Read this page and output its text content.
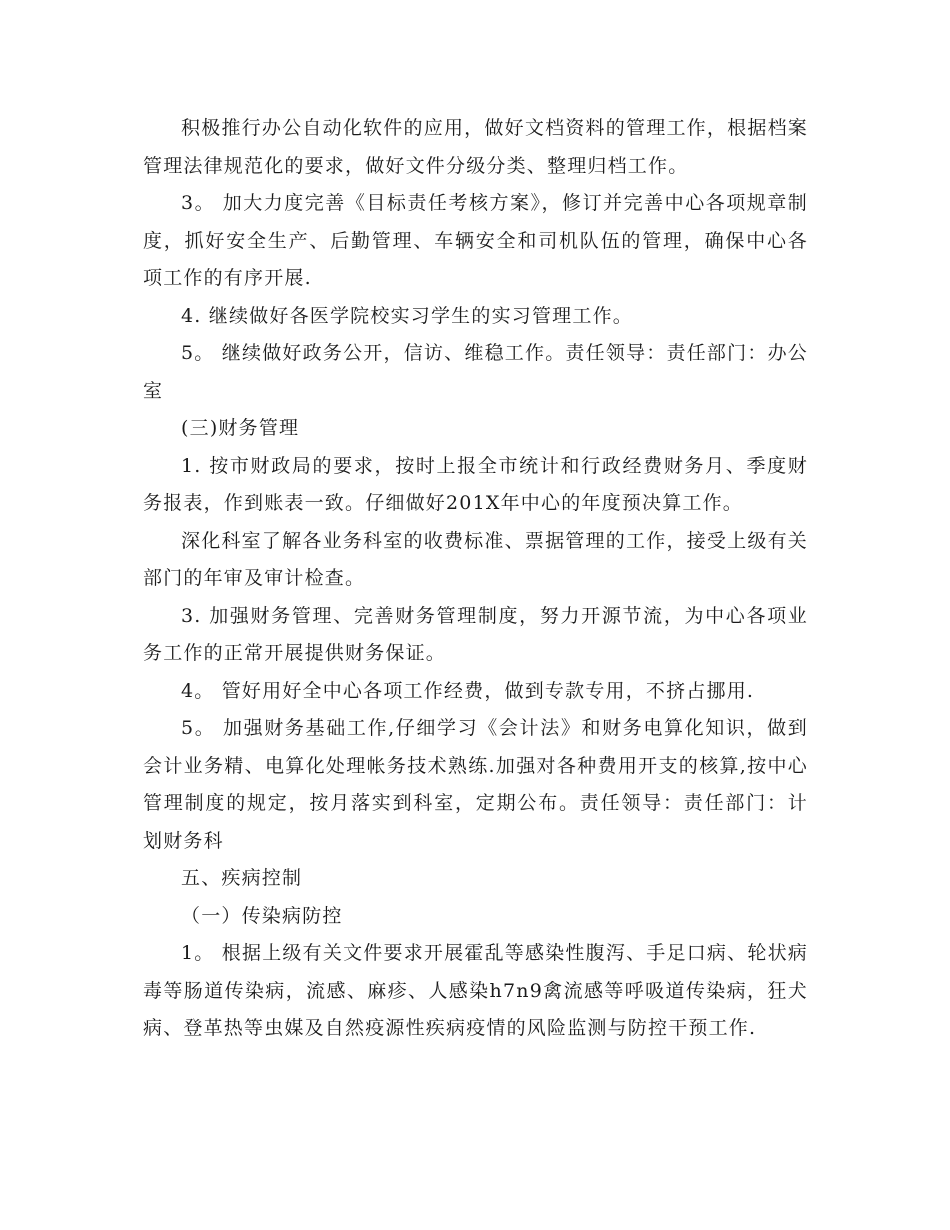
积极推行办公自动化软件的应用，做好文档资料的管理工作，根据档案管理法律规范化的要求，做好文件分级分类、整理归档工作。

3。 加大力度完善《目标责任考核方案》，修订并完善中心各项规章制度，抓好安全生产、后勤管理、车辆安全和司机队伍的管理，确保中心各项工作的有序开展.

4. 继续做好各医学院校实习学生的实习管理工作。

5。 继续做好政务公开，信访、维稳工作。责任领导：责任部门：办公室

(三)财务管理

1. 按市财政局的要求，按时上报全市统计和行政经费财务月、季度财务报表，作到账表一致。仔细做好201X年中心的年度预决算工作。

深化科室了解各业务科室的收费标准、票据管理的工作，接受上级有关部门的年审及审计检查。

3. 加强财务管理、完善财务管理制度，努力开源节流，为中心各项业务工作的正常开展提供财务保证。

4。 管好用好全中心各项工作经费，做到专款专用，不挤占挪用.

5。 加强财务基础工作,仔细学习《会计法》和财务电算化知识，做到会计业务精、电算化处理帐务技术熟练.加强对各种费用开支的核算,按中心管理制度的规定，按月落实到科室，定期公布。责任领导：责任部门：计划财务科

五、疾病控制

（一）传染病防控

1。 根据上级有关文件要求开展霍乱等感染性腹泻、手足口病、轮状病毒等肠道传染病，流感、麻疹、人感染h7n9禽流感等呼吸道传染病，狂犬病、登革热等虫媒及自然疫源性疾病疫情的风险监测与防控干预工作.
